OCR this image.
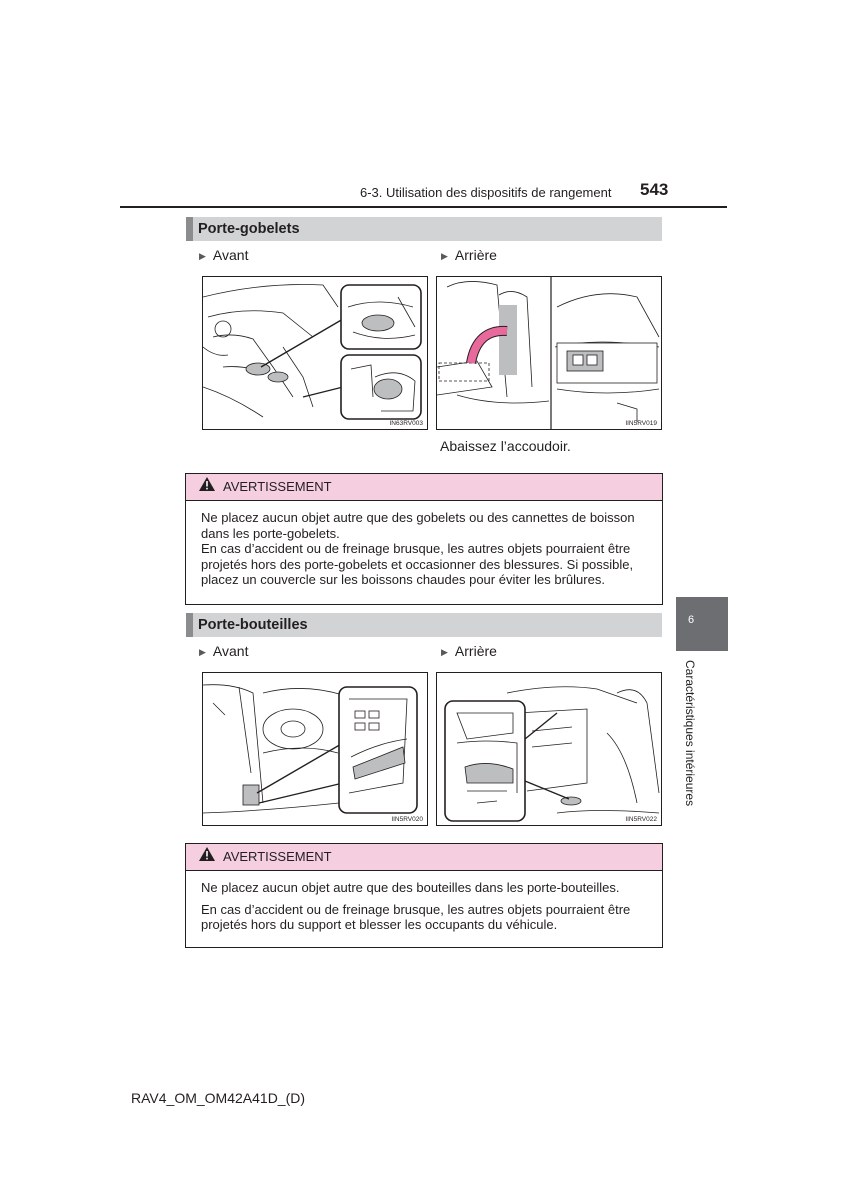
6-3. Utilisation des dispositifs de rangement 543
Porte-gobelets
▶ Avant	▶ Arrière
IN63RV003	IIN5RV019
Abaissez l’accoudoir.
AVERTISSEMENT

Ne placez aucun objet autre que des gobelets ou des cannettes de boisson dans les porte-gobelets.

En cas d’accident ou de freinage brusque, les autres objets pourraient être projetés hors des porte-gobelets et occasionner des blessures. Si possible, placez un couvercle sur les boissons chaudes pour éviter les brûlures.

Porte-bouteilles
▶ Avant	▶ Arrière
IIN5RV020	IIN5RV022
AVERTISSEMENT

Ne placez aucun objet autre que des bouteilles dans les porte-bouteilles.

En cas d’accident ou de freinage brusque, les autres objets pourraient être projetés hors du support et blesser les occupants du véhicule.

6
Caractéristiques intérieures
RAV4_OM_OM42A41D_(D)
